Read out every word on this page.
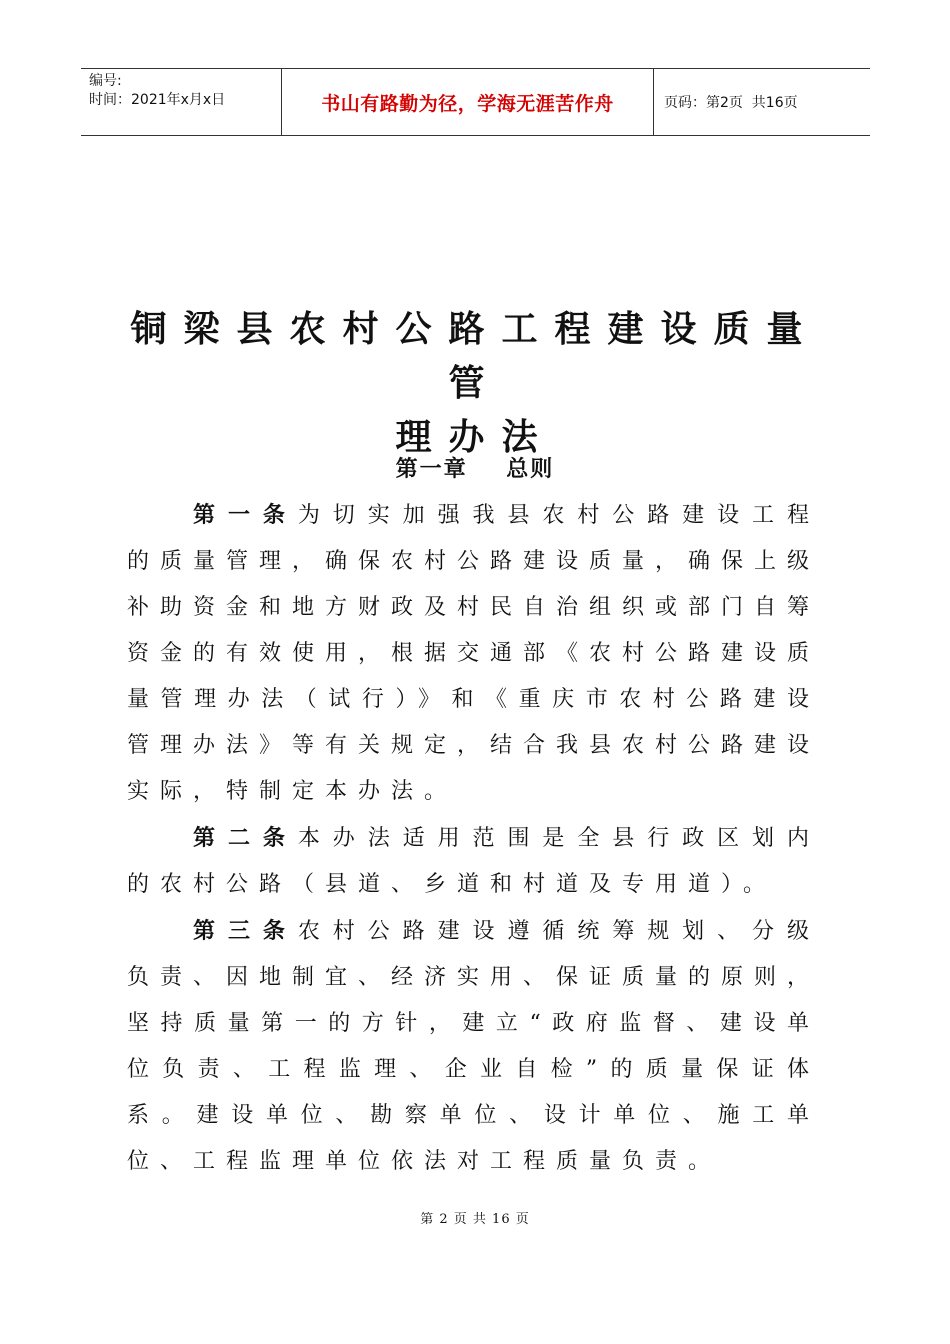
编号:
时间：2021年x月x日	书山有路勤为径，学海无涯苦作舟	页码：第2页  共16页
铜梁县农村公路工程建设质量管
理办法
第一章    总则

第一条为切实加强我县农村公路建设工程的质量管理，确保农村公路建设质量，确保上级补助资金和地方财政及村民自治组织或部门自筹资金的有效使用，根据交通部《农村公路建设质量管理办法（试行）》和《重庆市农村公路建设管理办法》等有关规定，结合我县农村公路建设实际，特制定本办法。

第二条本办法适用范围是全县行政区划内的农村公路（县道、乡道和村道及专用道）。

第三条农村公路建设遵循统筹规划、分级负责、因地制宜、经济实用、保证质量的原则，坚持质量第一的方针，建立“政府监督、建设单位负责、工程监理、企业自检”的质量保证体系。建设单位、勘察单位、设计单位、施工单位、工程监理单位依法对工程质量负责。

第 2 页 共 16 页
